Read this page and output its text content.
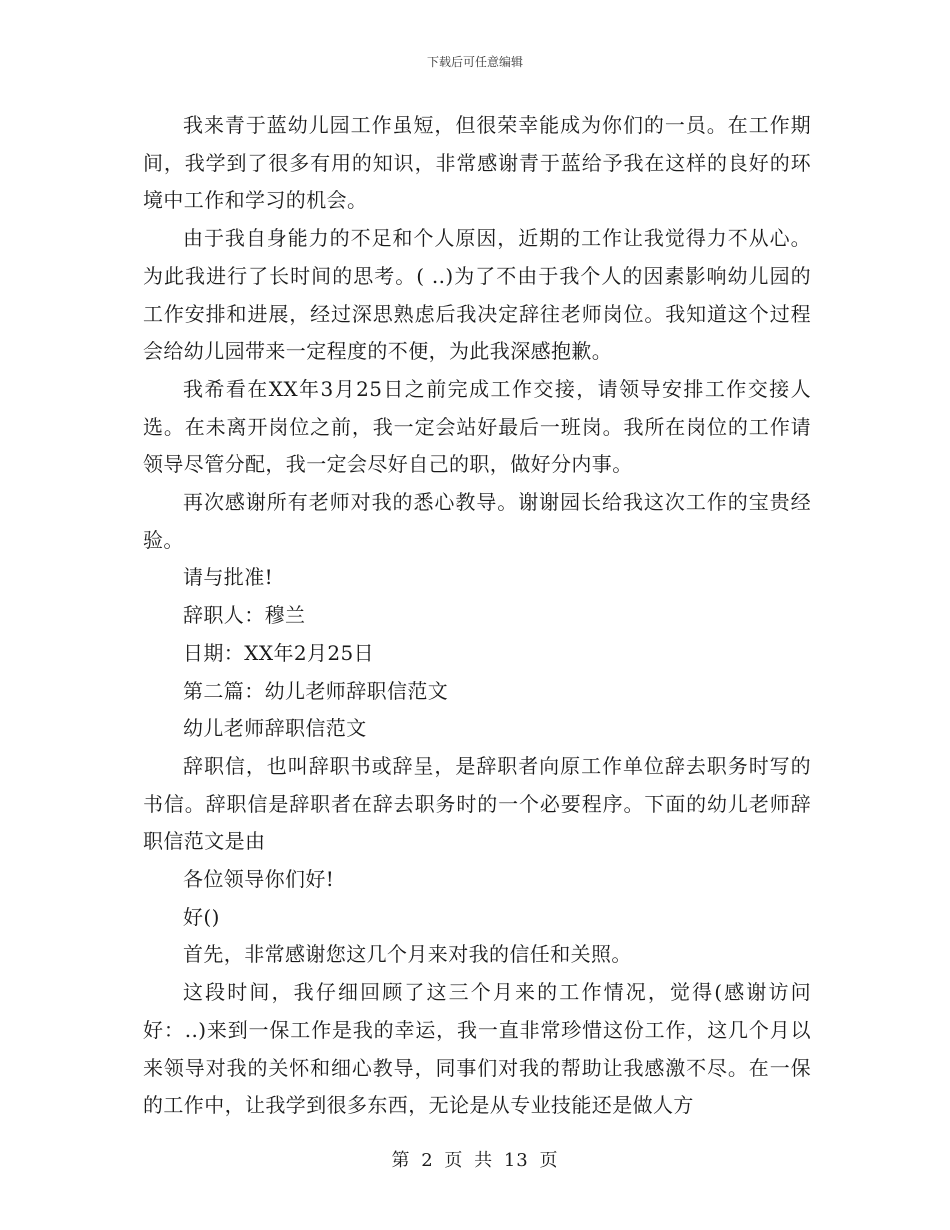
下载后可任意编辑

我来青于蓝幼儿园工作虽短，但很荣幸能成为你们的一员。在工作期间，我学到了很多有用的知识，非常感谢青于蓝给予我在这样的良好的环境中工作和学习的机会。

由于我自身能力的不足和个人原因，近期的工作让我觉得力不从心。为此我进行了长时间的思考。( ..)为了不由于我个人的因素影响幼儿园的工作安排和进展，经过深思熟虑后我决定辞往老师岗位。我知道这个过程会给幼儿园带来一定程度的不便，为此我深感抱歉。

我希看在XX年3月25日之前完成工作交接，请领导安排工作交接人选。在未离开岗位之前，我一定会站好最后一班岗。我所在岗位的工作请领导尽管分配，我一定会尽好自己的职，做好分内事。

再次感谢所有老师对我的悉心教导。谢谢园长给我这次工作的宝贵经验。

请与批准!

辞职人：穆兰

日期：XX年2月25日

第二篇：幼儿老师辞职信范文

幼儿老师辞职信范文

辞职信，也叫辞职书或辞呈，是辞职者向原工作单位辞去职务时写的书信。辞职信是辞职者在辞去职务时的一个必要程序。下面的幼儿老师辞职信范文是由

各位领导你们好!

好()

首先，非常感谢您这几个月来对我的信任和关照。

这段时间，我仔细回顾了这三个月来的工作情况，觉得(感谢访问好：..)来到一保工作是我的幸运，我一直非常珍惜这份工作，这几个月以来领导对我的关怀和细心教导，同事们对我的帮助让我感激不尽。在一保的工作中，让我学到很多东西，无论是从专业技能还是做人方

第 2 页 共 13 页
